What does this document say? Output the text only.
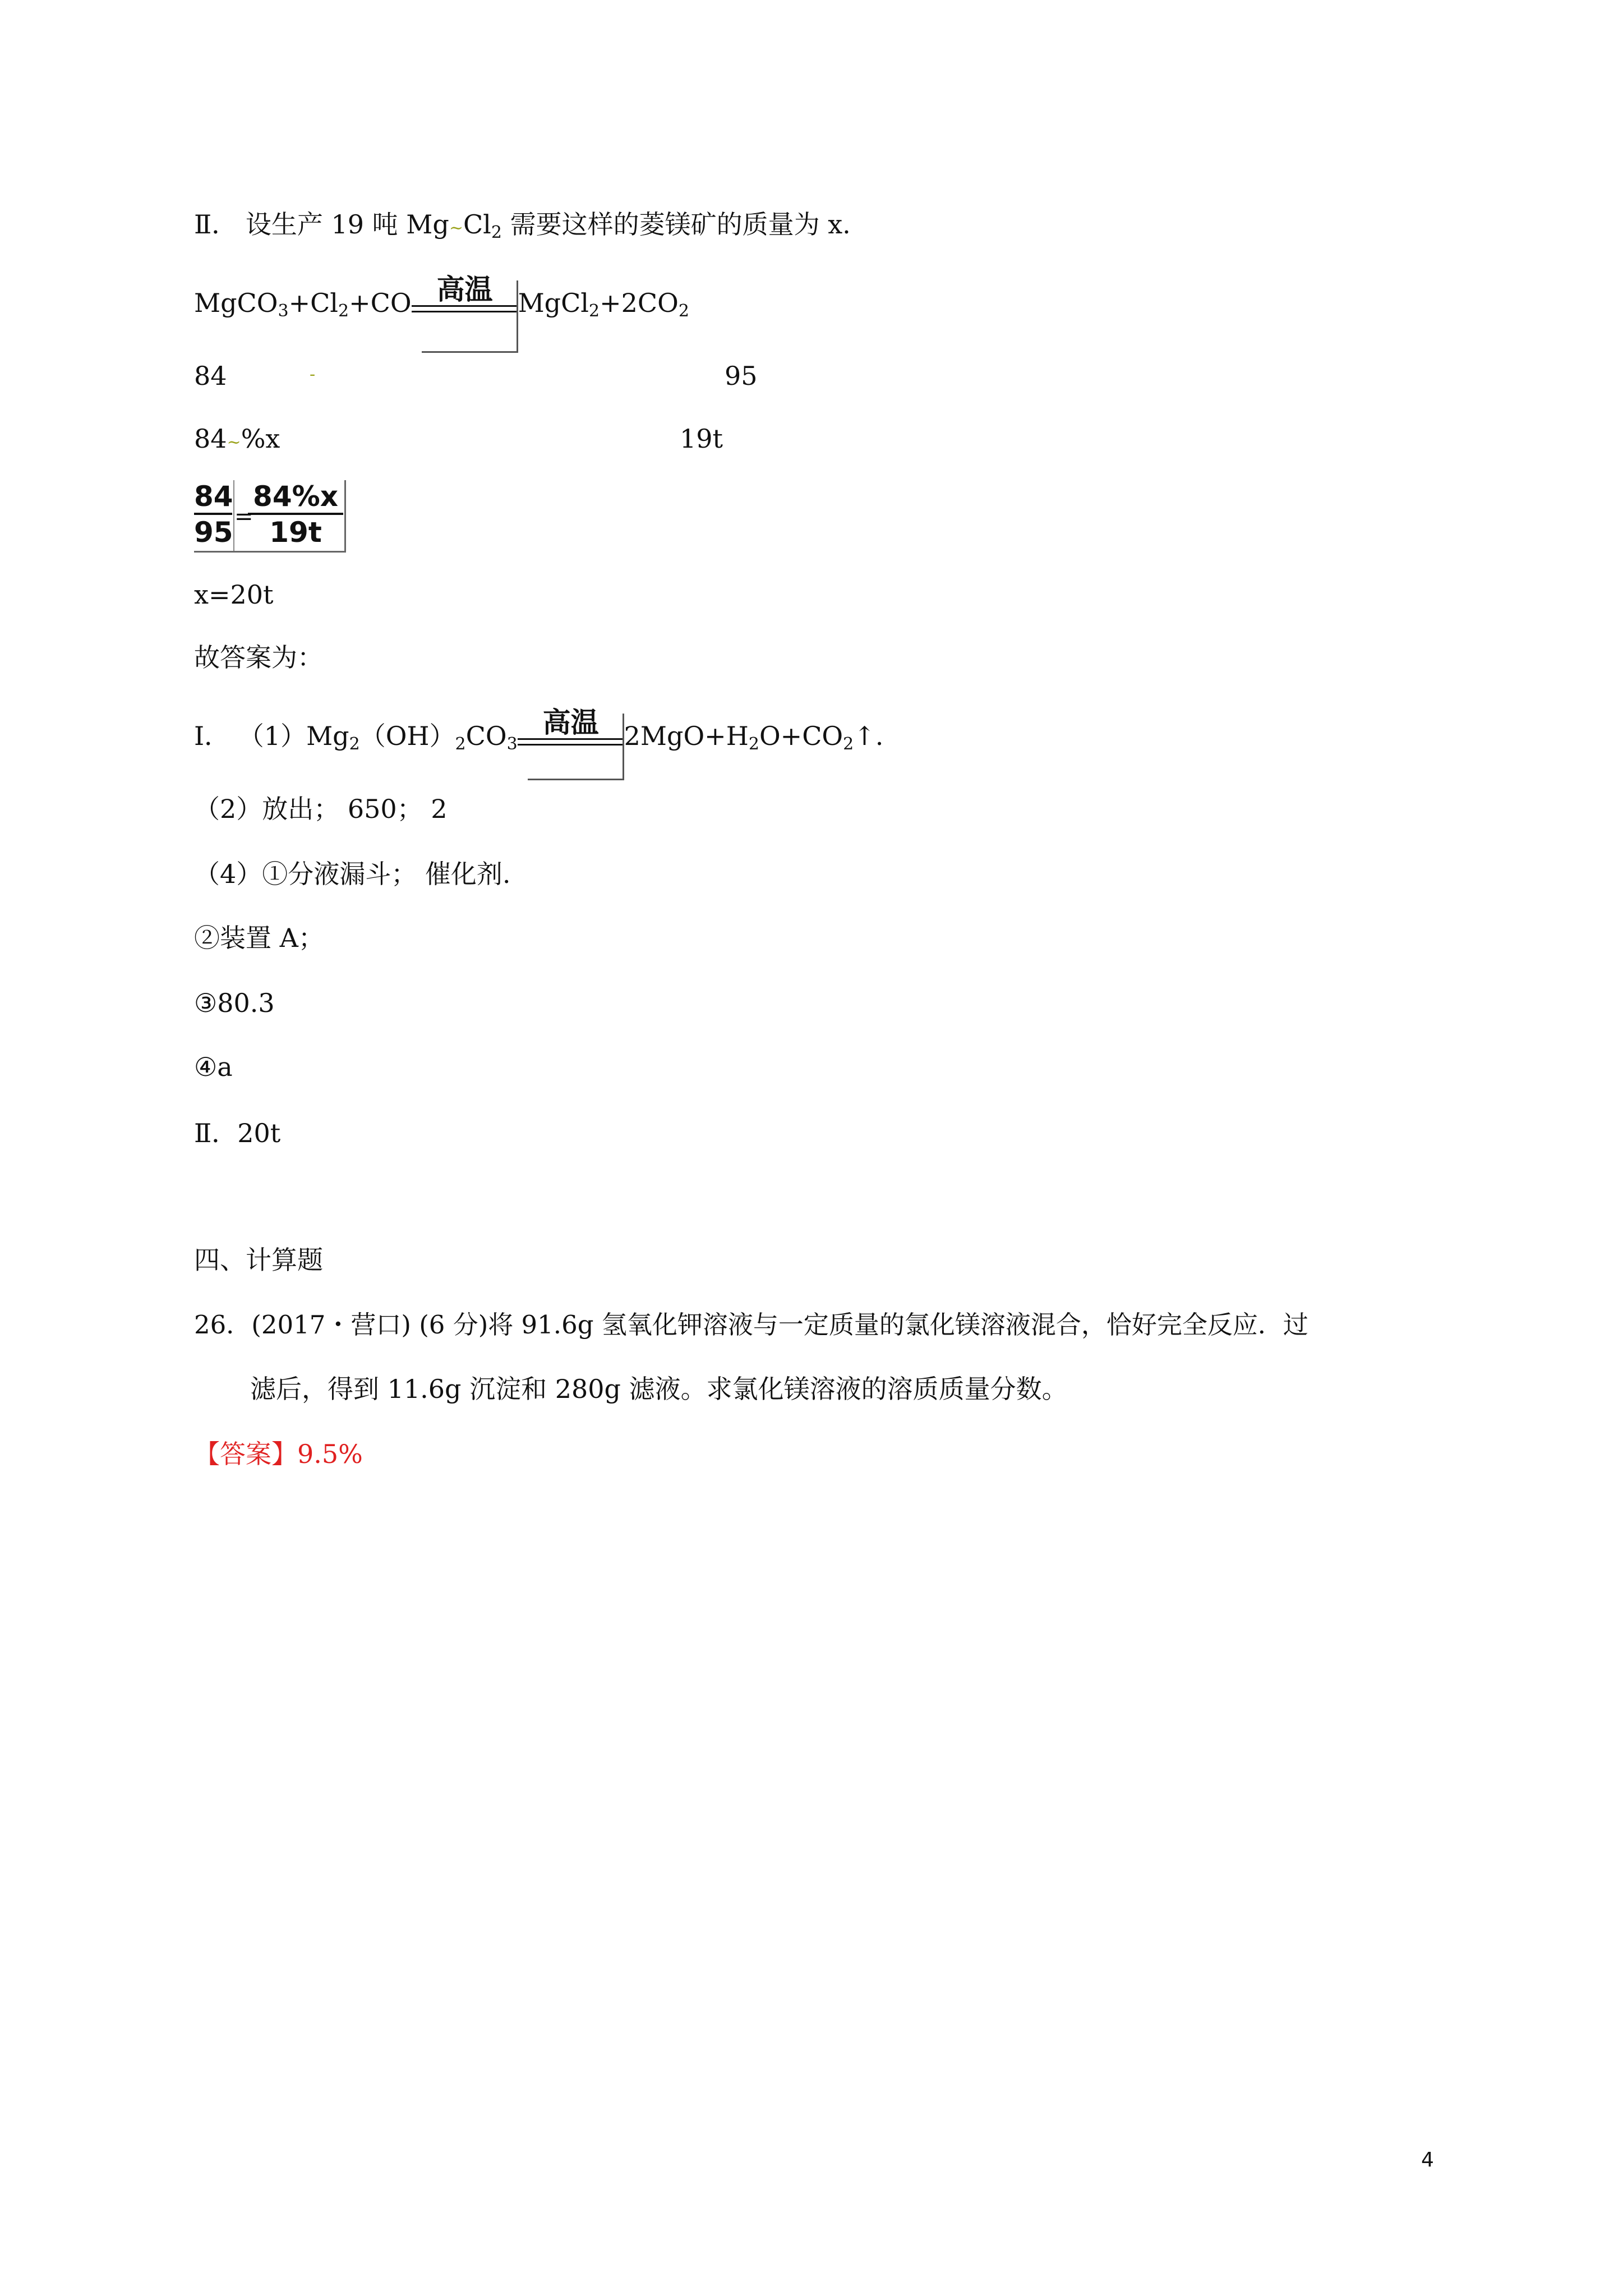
Ⅱ． 设生产 19 吨 $Mg\sim Cl_2$ 需要这样的菱镁矿的质量为 x.
$MgCO_3+Cl_2+CO$ 高温 $MgCl_2+2CO_2$
84	-	95
84~%x	19t
$\frac{84}{95}$ =
$\frac{84\%x}{19t}$
x=20t
故答案为：
Ⅰ． $(1)Mg_2(OH)_2CO_3$
高温 $2MgO+H_2O+CO_2↑$.
（2）放出； 650； 2
（4）①分液漏斗； 催化剂.
②装置 A；
③80.3
④a
Ⅱ．20t
四、计算题
26．(2017・营口) (6 分)将 91.6g 氢氧化钾溶液与一定质量的氯化镁溶液混合，恰好完全反应．过
滤后，得到 11.6g 沉淀和 280g 滤液。求氯化镁溶液的溶质质量分数。
【答案】9.5%
4
